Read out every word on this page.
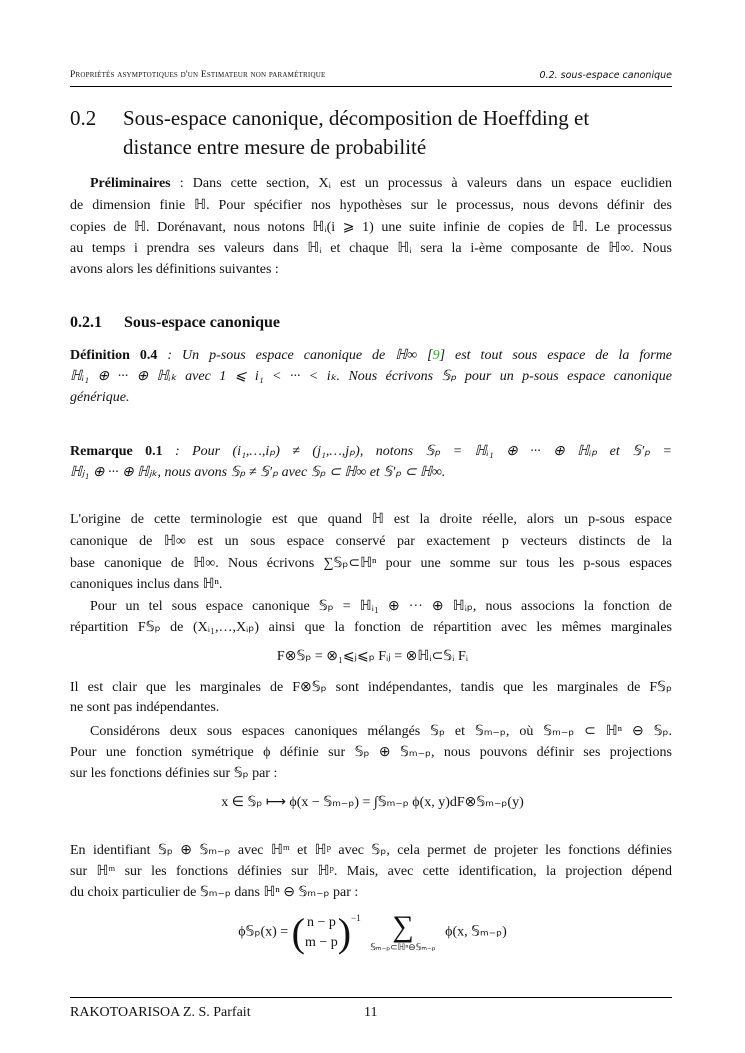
Propriétés asymptotiques d'un Estimateur non paramétrique	0.2. sous-espace canonique
0.2 Sous-espace canonique, décomposition de Hoeffding et
distance entre mesure de probabilité
Préliminaires : Dans cette section, Xᵢ est un processus à valeurs dans un espace euclidien
de dimension finie ℍ. Pour spécifier nos hypothèses sur le processus, nous devons définir des
copies de ℍ. Dorénavant, nous notons ℍᵢ(i ⩾ 1) une suite infinie de copies de ℍ. Le processus
au temps i prendra ses valeurs dans ℍᵢ et chaque ℍᵢ sera la i-ème composante de ℍ∞. Nous
avons alors les définitions suivantes :
0.2.1 Sous-espace canonique
Définition 0.4 : Un p-sous espace canonique de ℍ∞ [9] est tout sous espace de la forme
ℍᵢ₁ ⊕ ··· ⊕ ℍᵢₖ avec 1 ⩽ i₁ < ··· < iₖ. Nous écrivons 𝕊ₚ pour un p-sous espace canonique
générique.
Remarque 0.1 : Pour (i₁,…,iₚ) ≠ (j₁,…,jₚ), notons 𝕊ₚ = ℍᵢ₁ ⊕ ··· ⊕ ℍᵢₚ et 𝕊′ₚ =
ℍⱼ₁ ⊕ ··· ⊕ ℍⱼₖ, nous avons 𝕊ₚ ≠ 𝕊′ₚ avec 𝕊ₚ ⊂ ℍ∞ et 𝕊′ₚ ⊂ ℍ∞.
L'origine de cette terminologie est que quand ℍ est la droite réelle, alors un p-sous espace
canonique de ℍ∞ est un sous espace conservé par exactement p vecteurs distincts de la
base canonique de ℍ∞. Nous écrivons ∑𝕊ₚ⊂ℍⁿ pour une somme sur tous les p-sous espaces
canoniques inclus dans ℍⁿ.
Pour un tel sous espace canonique 𝕊ₚ = ℍᵢ₁ ⊕ ··· ⊕ ℍᵢₚ, nous associons la fonction de
répartition F𝕊ₚ de (Xᵢ₁,…,Xᵢₚ) ainsi que la fonction de répartition avec les mêmes marginales
F⊗𝕊ₚ = ⊗₁⩽ⱼ⩽ₚ Fᵢⱼ = ⊗ℍᵢ⊂𝕊ᵢ Fᵢ
Il est clair que les marginales de F⊗𝕊ₚ sont indépendantes, tandis que les marginales de F𝕊ₚ
ne sont pas indépendantes.
Considérons deux sous espaces canoniques mélangés 𝕊ₚ et 𝕊ₘ₋ₚ, où 𝕊ₘ₋ₚ ⊂ ℍⁿ ⊖ 𝕊ₚ.
Pour une fonction symétrique ϕ définie sur 𝕊ₚ ⊕ 𝕊ₘ₋ₚ, nous pouvons définir ses projections
sur les fonctions définies sur 𝕊ₚ par :
x ∈ 𝕊ₚ ⟼ ϕ(x − 𝕊ₘ₋ₚ) = ∫𝕊ₘ₋ₚ ϕ(x, y)dF⊗𝕊ₘ₋ₚ(y)
En identifiant 𝕊ₚ ⊕ 𝕊ₘ₋ₚ avec ℍᵐ et ℍᵖ avec 𝕊ₚ, cela permet de projeter les fonctions définies
sur ℍᵐ sur les fonctions définies sur ℍᵖ. Mais, avec cette identification, la projection dépend
du choix particulier de 𝕊ₘ₋ₚ dans ℍⁿ ⊖ 𝕊ₘ₋ₚ par :
ϕ𝕊ₚ(x) = ( n − p
m − p )$^{-1}$
∑
𝕊ₘ₋ₚ⊂ℍⁿ⊖𝕊ₘ₋ₚ
ϕ(x, 𝕊ₘ₋ₚ)
RAKOTOARISOA Z. S. Parfait	11
